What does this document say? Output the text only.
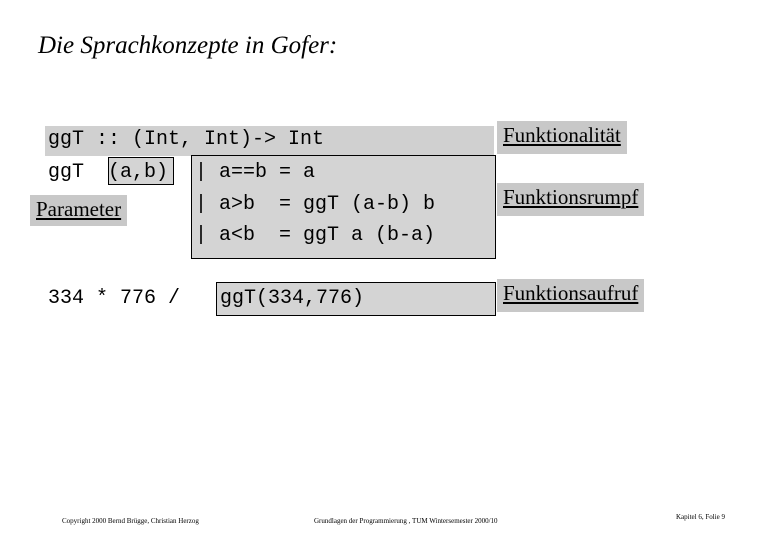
Die Sprachkonzepte in Gofer:
ggT :: (Int, Int)-> Int
ggT (a,b) | a==b = a
| a>b  = ggT (a-b) b
| a<b  = ggT a (b-a)
334 * 776 / ggT(334,776)
Funktionalität
Funktionsrumpf
Parameter
Funktionsaufruf
Copyright 2000 Bernd Brügge, Christian Herzog	Grundlagen der Programmierung , TUM Wintersemester 2000/10	Kapitel 6, Folie 9
